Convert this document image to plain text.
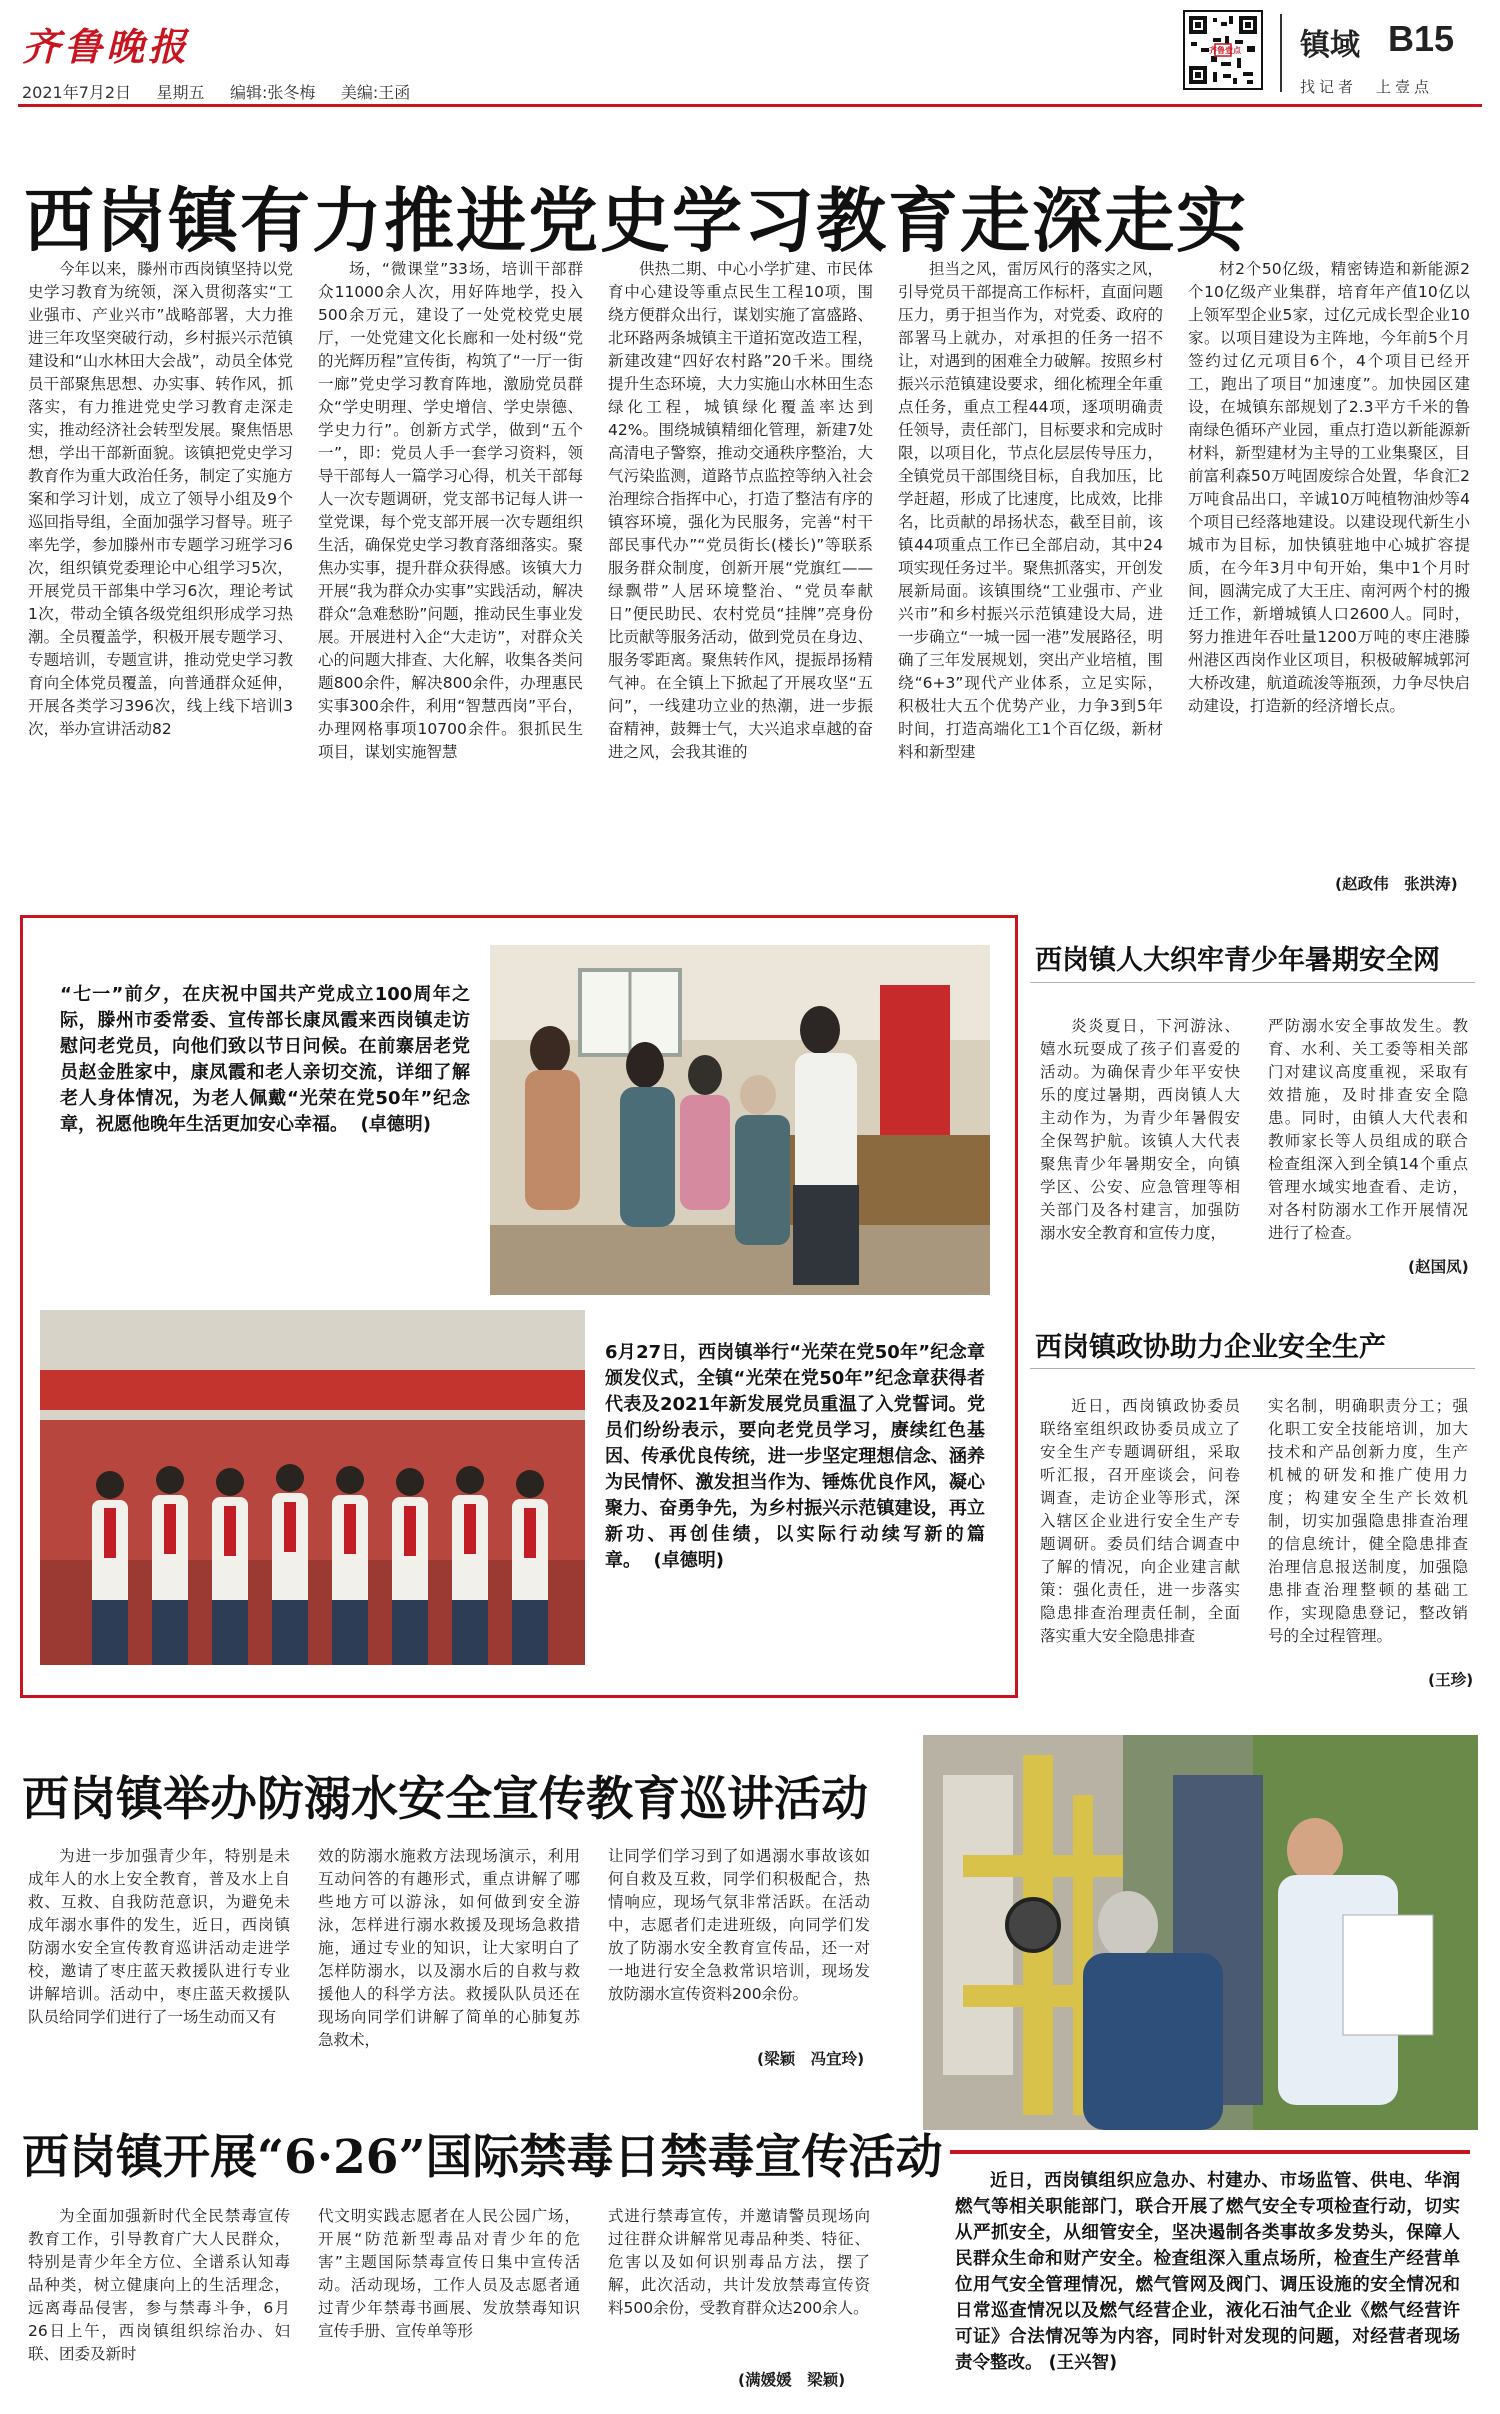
齐鲁晚报
2021年7月2日 星期五 编辑:张冬梅 美编:王函
齐鲁壹点 镇域 B15
找记者　上壹点
西岗镇有力推进党史学习教育走深走实

今年以来，滕州市西岗镇坚持以党史学习教育为统领，深入贯彻落实“工业强市、产业兴市”战略部署，大力推进三年攻坚突破行动，乡村振兴示范镇建设和“山水林田大会战”，动员全体党员干部聚焦思想、办实事、转作风，抓落实，有力推进党史学习教育走深走实，推动经济社会转型发展。聚焦悟思想，学出干部新面貌。该镇把党史学习教育作为重大政治任务，制定了实施方案和学习计划，成立了领导小组及9个巡回指导组，全面加强学习督导。班子率先学，参加滕州市专题学习班学习6次，组织镇党委理论中心组学习5次，开展党员干部集中学习6次，理论考试1次，带动全镇各级党组织形成学习热潮。全员覆盖学，积极开展专题学习、专题培训，专题宣讲，推动党史学习教育向全体党员覆盖，向普通群众延伸，开展各类学习396次，线上线下培训3次，举办宣讲活动82

场，“微课堂”33场，培训干部群众11000余人次，用好阵地学，投入500余万元，建设了一处党校党史展厅，一处党建文化长廊和一处村级“党的光辉历程”宣传街，构筑了“一厅一街一廊”党史学习教育阵地，激励党员群众“学史明理、学史增信、学史崇德、学史力行”。创新方式学，做到“五个一”，即：党员人手一套学习资料，领导干部每人一篇学习心得，机关干部每人一次专题调研，党支部书记每人讲一堂党课，每个党支部开展一次专题组织生活，确保党史学习教育落细落实。聚焦办实事，提升群众获得感。该镇大力开展“我为群众办实事”实践活动，解决群众“急难愁盼”问题，推动民生事业发展。开展进村入企“大走访”，对群众关心的问题大排查、大化解，收集各类问题800余件，解决800余件，办理惠民实事300余件，利用“智慧西岗”平台，办理网格事项10700余件。狠抓民生项目，谋划实施智慧

供热二期、中心小学扩建、市民体育中心建设等重点民生工程10项，围绕方便群众出行，谋划实施了富盛路、北环路两条城镇主干道拓宽改造工程，新建改建“四好农村路”20千米。围绕提升生态环境，大力实施山水林田生态绿化工程，城镇绿化覆盖率达到42%。围绕城镇精细化管理，新建7处高清电子警察，推动交通秩序整治，大气污染监测，道路节点监控等纳入社会治理综合指挥中心，打造了整洁有序的镇容环境，强化为民服务，完善“村干部民事代办”“党员街长(楼长)”等联系服务群众制度，创新开展“党旗红——绿飘带”人居环境整治、“党员奉献日”便民助民、农村党员“挂牌”亮身份比贡献等服务活动，做到党员在身边、服务零距离。聚焦转作风，提振昂扬精气神。在全镇上下掀起了开展攻坚“五问”，一线建功立业的热潮，进一步振奋精神，鼓舞士气，大兴追求卓越的奋进之风，会我其谁的

担当之风，雷厉风行的落实之风，引导党员干部提高工作标杆，直面问题压力，勇于担当作为，对党委、政府的部署马上就办，对承担的任务一招不让，对遇到的困难全力破解。按照乡村振兴示范镇建设要求，细化梳理全年重点任务，重点工程44项，逐项明确责任领导，责任部门，目标要求和完成时限，以项目化，节点化层层传导压力，全镇党员干部围绕目标，自我加压，比学赶超，形成了比速度，比成效，比排名，比贡献的昂扬状态，截至目前，该镇44项重点工作已全部启动，其中24项实现任务过半。聚焦抓落实，开创发展新局面。该镇围绕“工业强市、产业兴市”和乡村振兴示范镇建设大局，进一步确立“一城一园一港”发展路径，明确了三年发展规划，突出产业培植，围绕“6+3”现代产业体系，立足实际，积极壮大五个优势产业，力争3到5年时间，打造高端化工1个百亿级，新材料和新型建

材2个50亿级，精密铸造和新能源2个10亿级产业集群，培育年产值10亿以上领军型企业5家，过亿元成长型企业10家。以项目建设为主阵地，今年前5个月签约过亿元项目6个，4个项目已经开工，跑出了项目“加速度”。加快园区建设，在城镇东部规划了2.3平方千米的鲁南绿色循环产业园，重点打造以新能源新材料，新型建材为主导的工业集聚区，目前富利森50万吨固废综合处置，华食汇2万吨食品出口，辛诚10万吨植物油炒等4个项目已经落地建设。以建设现代新生小城市为目标，加快镇驻地中心城扩容提质，在今年3月中旬开始，集中1个月时间，圆满完成了大王庄、南河两个村的搬迁工作，新增城镇人口2600人。同时，努力推进年吞吐量1200万吨的枣庄港滕州港区西岗作业区项目，积极破解城郭河大桥改建，航道疏浚等瓶颈，力争尽快启动建设，打造新的经济增长点。

(赵政伟　张洪涛)

“七一”前夕，在庆祝中国共产党成立100周年之际，滕州市委常委、宣传部长康凤霞来西岗镇走访慰问老党员，向他们致以节日问候。在前寨居老党员赵金胜家中，康凤霞和老人亲切交流，详细了解老人身体情况，为老人佩戴“光荣在党50年”纪念章，祝愿他晚年生活更加安心幸福。 (卓德明)

6月27日，西岗镇举行“光荣在党50年”纪念章颁发仪式，全镇“光荣在党50年”纪念章获得者代表及2021年新发展党员重温了入党誓词。党员们纷纷表示，要向老党员学习，赓续红色基因、传承优良传统，进一步坚定理想信念、涵养为民情怀、激发担当作为、锤炼优良作风，凝心聚力、奋勇争先，为乡村振兴示范镇建设，再立新功、再创佳绩，以实际行动续写新的篇章。 (卓德明)

西岗镇人大织牢青少年暑期安全网

炎炎夏日，下河游泳、嬉水玩耍成了孩子们喜爱的活动。为确保青少年平安快乐的度过暑期，西岗镇人大主动作为，为青少年暑假安全保驾护航。该镇人大代表聚焦青少年暑期安全，向镇学区、公安、应急管理等相关部门及各村建言，加强防溺水安全教育和宣传力度，

严防溺水安全事故发生。教育、水利、关工委等相关部门对建议高度重视，采取有效措施，及时排查安全隐患。同时，由镇人大代表和教师家长等人员组成的联合检查组深入到全镇14个重点管理水域实地查看、走访，对各村防溺水工作开展情况进行了检查。

(赵国凤)
西岗镇政协助力企业安全生产

近日，西岗镇政协委员联络室组织政协委员成立了安全生产专题调研组，采取听汇报，召开座谈会，问卷调查，走访企业等形式，深入辖区企业进行安全生产专题调研。委员们结合调查中了解的情况，向企业建言献策：强化责任，进一步落实隐患排查治理责任制，全面落实重大安全隐患排查

实名制，明确职责分工；强化职工安全技能培训，加大技术和产品创新力度，生产机械的研发和推广使用力度；构建安全生产长效机制，切实加强隐患排查治理的信息统计，健全隐患排查治理信息报送制度，加强隐患排查治理整顿的基础工作，实现隐患登记，整改销号的全过程管理。

(王珍)
西岗镇举办防溺水安全宣传教育巡讲活动

为进一步加强青少年，特别是未成年人的水上安全教育，普及水上自救、互救、自我防范意识，为避免未成年溺水事件的发生，近日，西岗镇防溺水安全宣传教育巡讲活动走进学校，邀请了枣庄蓝天救援队进行专业讲解培训。活动中，枣庄蓝天救援队队员给同学们进行了一场生动而又有

效的防溺水施救方法现场演示，利用互动问答的有趣形式，重点讲解了哪些地方可以游泳，如何做到安全游泳，怎样进行溺水救援及现场急救措施，通过专业的知识，让大家明白了怎样防溺水，以及溺水后的自救与救援他人的科学方法。救援队队员还在现场向同学们讲解了简单的心肺复苏急救术，

让同学们学习到了如遇溺水事故该如何自救及互救，同学们积极配合，热情响应，现场气氛非常活跃。在活动中，志愿者们走进班级，向同学们发放了防溺水安全教育宣传品，还一对一地进行安全急救常识培训，现场发放防溺水宣传资料200余份。

(梁颖　冯宜玲)
西岗镇开展“6·26”国际禁毒日禁毒宣传活动

为全面加强新时代全民禁毒宣传教育工作，引导教育广大人民群众，特别是青少年全方位、全谱系认知毒品种类，树立健康向上的生活理念，远离毒品侵害，参与禁毒斗争，6月26日上午，西岗镇组织综治办、妇联、团委及新时

代文明实践志愿者在人民公园广场，开展“防范新型毒品对青少年的危害”主题国际禁毒宣传日集中宣传活动。活动现场，工作人员及志愿者通过青少年禁毒书画展、发放禁毒知识宣传手册、宣传单等形

式进行禁毒宣传，并邀请警员现场向过往群众讲解常见毒品种类、特征、危害以及如何识别毒品方法，摆了解，此次活动，共计发放禁毒宣传资料500余份，受教育群众达200余人。

(满媛媛　梁颖)

近日，西岗镇组织应急办、村建办、市场监管、供电、华润燃气等相关职能部门，联合开展了燃气安全专项检查行动，切实从严抓安全，从细管安全，坚决遏制各类事故多发势头，保障人民群众生命和财产安全。检查组深入重点场所，检查生产经营单位用气安全管理情况，燃气管网及阀门、调压设施的安全情况和日常巡查情况以及燃气经营企业，液化石油气企业《燃气经营许可证》合法情况等为内容，同时针对发现的问题，对经营者现场责令整改。 (王兴智)
